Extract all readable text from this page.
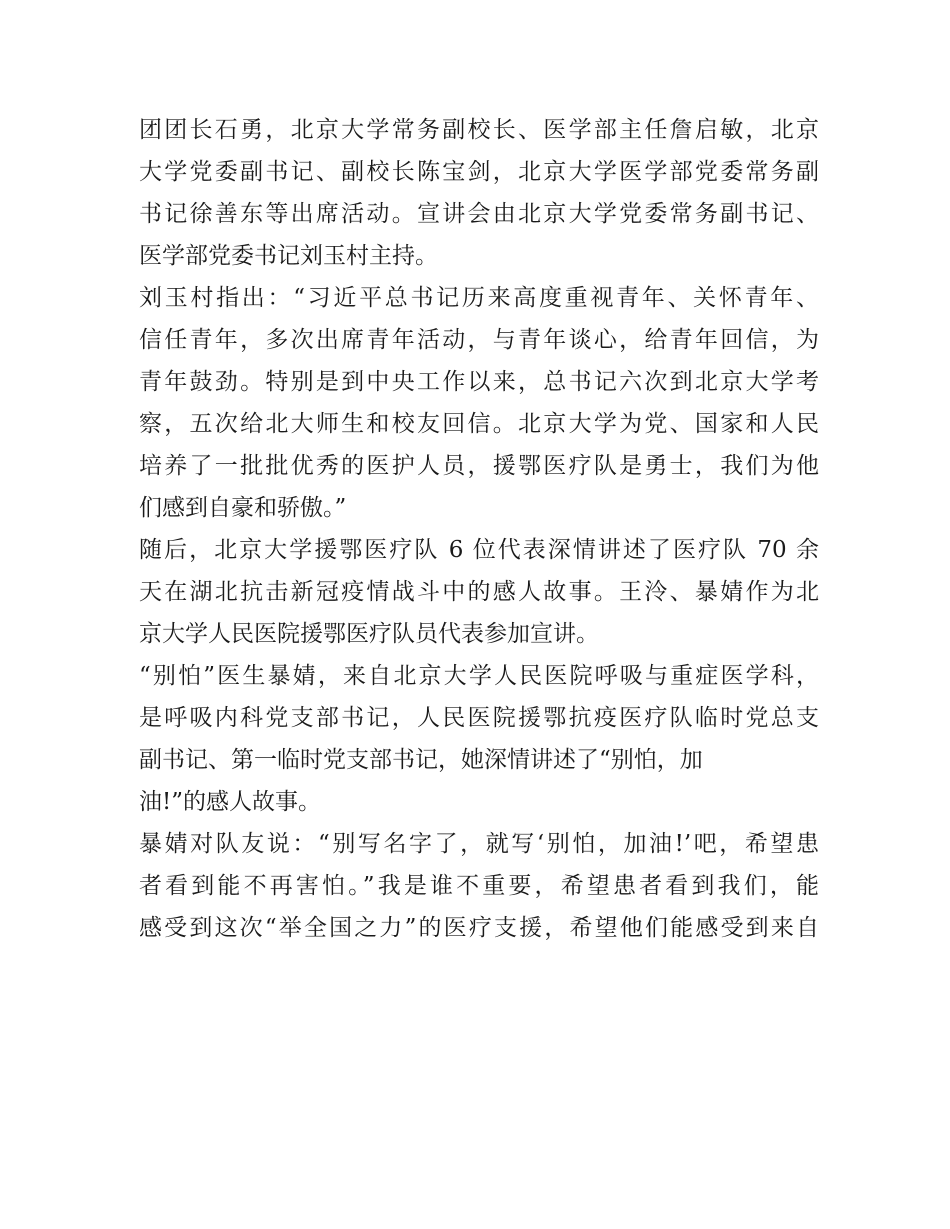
团团长石勇，北京大学常务副校长、医学部主任詹启敏，北京
大学党委副书记、副校长陈宝剑，北京大学医学部党委常务副
书记徐善东等出席活动。宣讲会由北京大学党委常务副书记、
医学部党委书记刘玉村主持。
刘玉村指出：“习近平总书记历来高度重视青年、关怀青年、
信任青年，多次出席青年活动，与青年谈心，给青年回信，为
青年鼓劲。特别是到中央工作以来，总书记六次到北京大学考
察，五次给北大师生和校友回信。北京大学为党、国家和人民
培养了一批批优秀的医护人员，援鄂医疗队是勇士，我们为他
们感到自豪和骄傲。”
随后，北京大学援鄂医疗队 6 位代表深情讲述了医疗队 70 余
天在湖北抗击新冠疫情战斗中的感人故事。王泠、暴婧作为北
京大学人民医院援鄂医疗队员代表参加宣讲。
“别怕”医生暴婧，来自北京大学人民医院呼吸与重症医学科，
是呼吸内科党支部书记，人民医院援鄂抗疫医疗队临时党总支
副书记、第一临时党支部书记，她深情讲述了“别怕，加
油!”的感人故事。
暴婧对队友说：“别写名字了，就写‘别怕，加油!’吧，希望患
者看到能不再害怕。”我是谁不重要，希望患者看到我们，能
感受到这次“举全国之力”的医疗支援，希望他们能感受到来自
